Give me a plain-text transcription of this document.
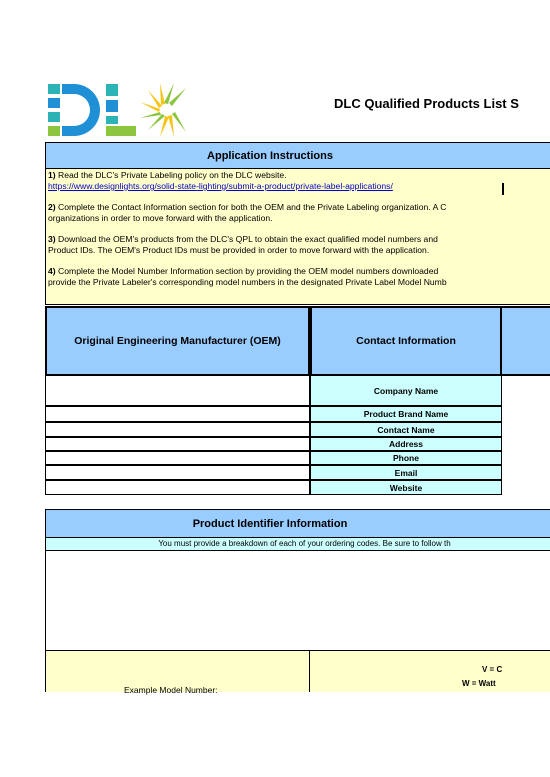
DLC Qualified Products List S
Application Instructions
1) Read the DLC's Private Labeling policy on the DLC website.
https://www.designlights.org/solid-state-lighting/submit-a-product/private-label-applications/
2) Complete the Contact Information section for both the OEM and the Private Labeling organization. A C
organizations in order to move forward with the application.
3) Download the OEM's products from the DLC's QPL to obtain the exact qualified model numbers and
Product IDs. The OEM's Product IDs must be provided in order to move forward with the application.
4) Complete the Model Number Information section by providing the OEM model numbers downloaded
provide the Private Labeler's corresponding model numbers in the designated Private Label Model Numb
Original Engineering Manufacturer (OEM)	Contact Information
Company Name
Product Brand Name
Contact Name
Address
Phone
Email
Website
Product Identifier Information
You must provide a breakdown of each of your ordering codes. Be sure to follow th
Example Model Number:
V = C
W = Watt
